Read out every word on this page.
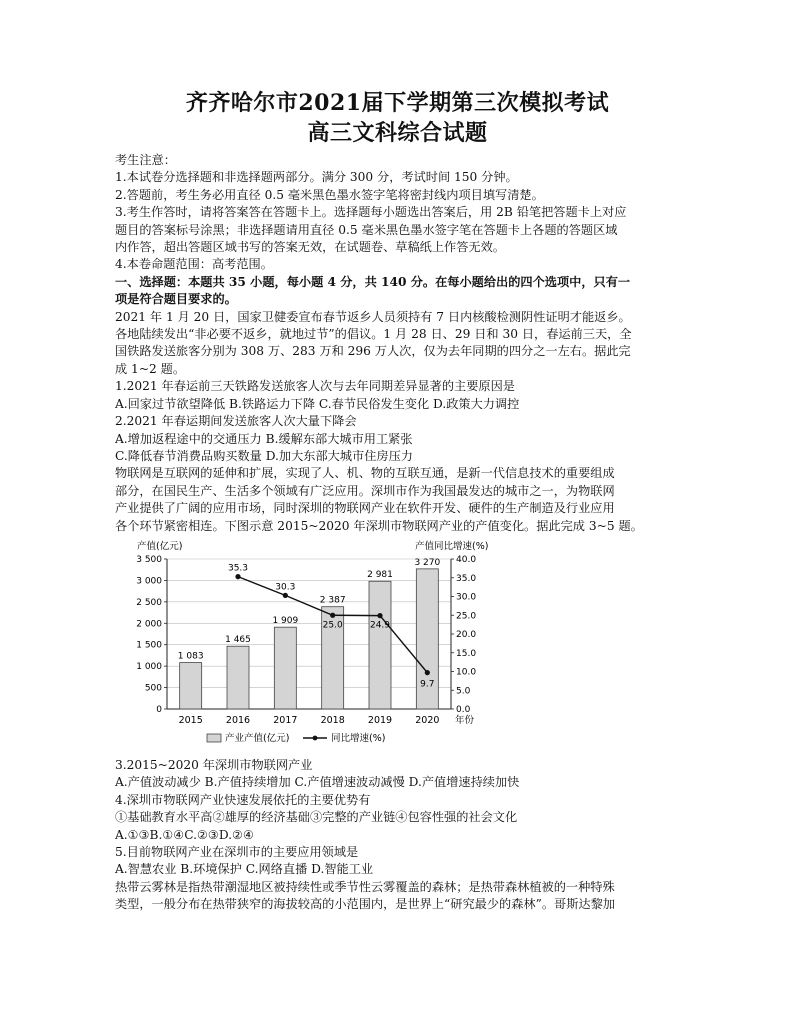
齐齐哈尔市2021届下学期第三次模拟考试
高三文科综合试题

考生注意：

1.本试卷分选择题和非选择题两部分。满分 300 分，考试时间 150 分钟。

2.答题前，考生务必用直径 0.5 毫米黑色墨水签字笔将密封线内项目填写清楚。

3.考生作答时，请将答案答在答题卡上。选择题每小题选出答案后，用 2B 铅笔把答题卡上对应

题目的答案标号涂黑；非选择题请用直径 0.5 毫米黑色墨水签字笔在答题卡上各题的答题区域

内作答，超出答题区域书写的答案无效，在试题卷、草稿纸上作答无效。

4.本卷命题范围：高考范围。

一、选择题：本题共 35 小题，每小题 4 分，共 140 分。在每小题给出的四个选项中，只有一

项是符合题目要求的。

2021 年 1 月 20 日，国家卫健委宣布春节返乡人员须持有 7 日内核酸检测阴性证明才能返乡。

各地陆续发出“非必要不返乡，就地过节”的倡议。1 月 28 日、29 日和 30 日，春运前三天，全

国铁路发送旅客分别为 308 万、283 万和 296 万人次，仅为去年同期的四分之一左右。据此完

成 1~2 题。

1.2021 年春运前三天铁路发送旅客人次与去年同期差异显著的主要原因是

A.回家过节欲望降低 B.铁路运力下降 C.春节民俗发生变化 D.政策大力调控

2.2021 年春运期间发送旅客人次大量下降会

A.增加返程途中的交通压力 B.缓解东部大城市用工紧张

C.降低春节消费品购买数量 D.加大东部大城市住房压力

物联网是互联网的延伸和扩展，实现了人、机、物的互联互通，是新一代信息技术的重要组成

部分，在国民生产、生活多个领域有广泛应用。深圳市作为我国最发达的城市之一，为物联网

产业提供了广阔的应用市场，同时深圳的物联网产业在软件开发、硬件的生产制造及行业应用

各个环节紧密相连。下图示意 2015~2020 年深圳市物联网产业的产值变化。据此完成 3~5 题。

产值(亿元)	产值同比增速(%)
0
500
1 000
1 500
2 000
2 500
3 000
3 500
0.0
5.0
10.0
15.0
20.0
25.0
30.0
35.0
40.0
1 083
2015
1 465
2016
1 909
2017
2 387
2018
2 981
2019
3 270
2020 年份
35.3
30.3
25.0	24.9
9.7
产业产值(亿元)	同比增速(%)

3.2015~2020 年深圳市物联网产业

A.产值波动减少 B.产值持续增加 C.产值增速波动减慢 D.产值增速持续加快

4.深圳市物联网产业快速发展依托的主要优势有

①基础教育水平高②雄厚的经济基础③完整的产业链④包容性强的社会文化

A.①③B.①④C.②③D.②④

5.目前物联网产业在深圳市的主要应用领域是

A.智慧农业 B.环境保护 C.网络直播 D.智能工业

热带云雾林是指热带潮湿地区被持续性或季节性云雾覆盖的森林；是热带森林植被的一种特殊

类型，一般分布在热带狭窄的海拔较高的小范围内，是世界上“研究最少的森林”。哥斯达黎加
